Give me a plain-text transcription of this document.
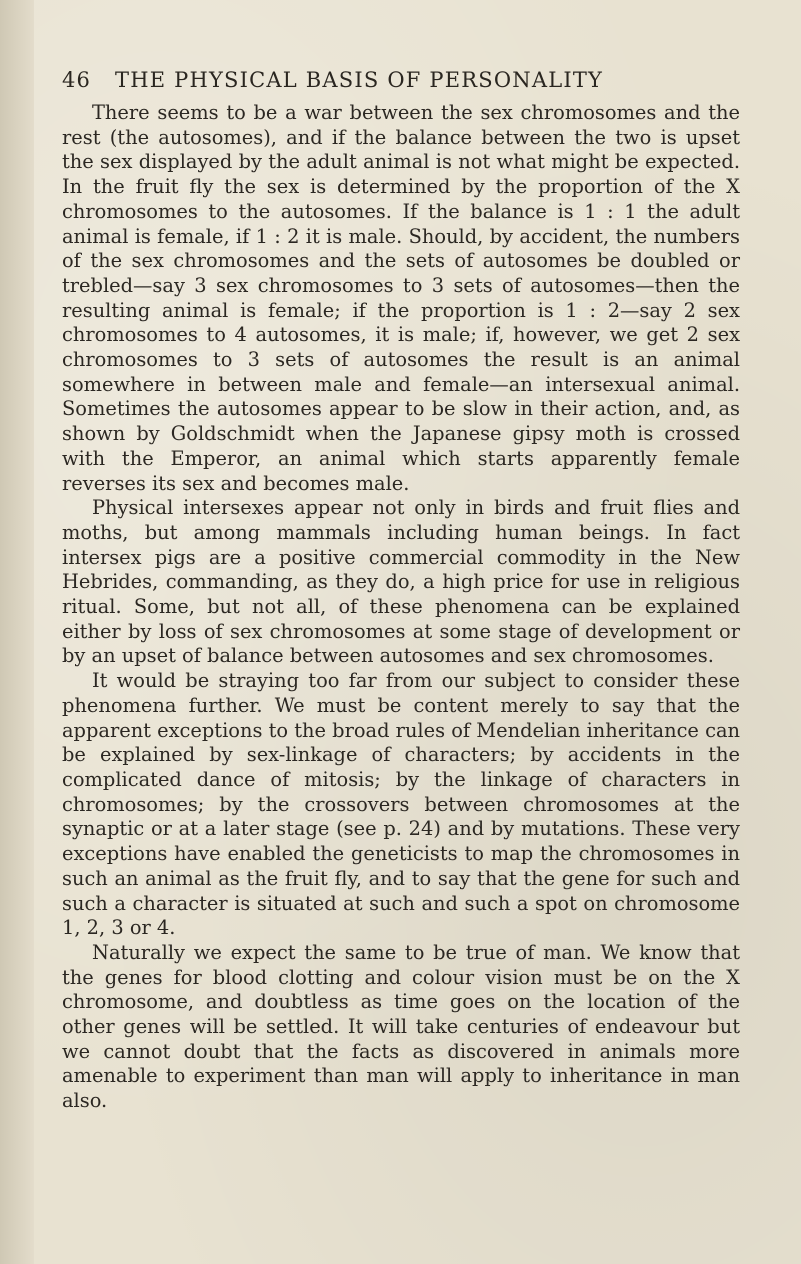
46 THE PHYSICAL BASIS OF PERSONALITY

There seems to be a war between the sex chromosomes and the rest (the autosomes), and if the balance between the two is upset the sex displayed by the adult animal is not what might be expected. In the fruit fly the sex is determined by the proportion of the X chromosomes to the autosomes. If the balance is 1 : 1 the adult animal is female, if 1 : 2 it is male. Should, by accident, the numbers of the sex chromosomes and the sets of autosomes be doubled or trebled—say 3 sex chromosomes to 3 sets of autosomes—then the resulting animal is female; if the proportion is 1 : 2—say 2 sex chromosomes to 4 autosomes, it is male; if, however, we get 2 sex chromosomes to 3 sets of autosomes the result is an animal somewhere in between male and female—an intersexual animal. Sometimes the autosomes appear to be slow in their action, and, as shown by Goldschmidt when the Japanese gipsy moth is crossed with the Emperor, an animal which starts apparently female reverses its sex and becomes male.

Physical intersexes appear not only in birds and fruit flies and moths, but among mammals including human beings. In fact intersex pigs are a positive commercial commodity in the New Hebrides, commanding, as they do, a high price for use in religious ritual. Some, but not all, of these phenomena can be explained either by loss of sex chromosomes at some stage of development or by an upset of balance between autosomes and sex chromosomes.

It would be straying too far from our subject to consider these phenomena further. We must be content merely to say that the apparent exceptions to the broad rules of Mendelian inheritance can be explained by sex-linkage of characters; by accidents in the complicated dance of mitosis; by the linkage of characters in chromosomes; by the crossovers between chromosomes at the synaptic or at a later stage (see p. 24) and by mutations. These very exceptions have enabled the geneticists to map the chromosomes in such an animal as the fruit fly, and to say that the gene for such and such a character is situated at such and such a spot on chromosome 1, 2, 3 or 4.

Naturally we expect the same to be true of man. We know that the genes for blood clotting and colour vision must be on the X chromosome, and doubtless as time goes on the location of the other genes will be settled. It will take centuries of endeavour but we cannot doubt that the facts as discovered in animals more amenable to experiment than man will apply to inheritance in man also.
